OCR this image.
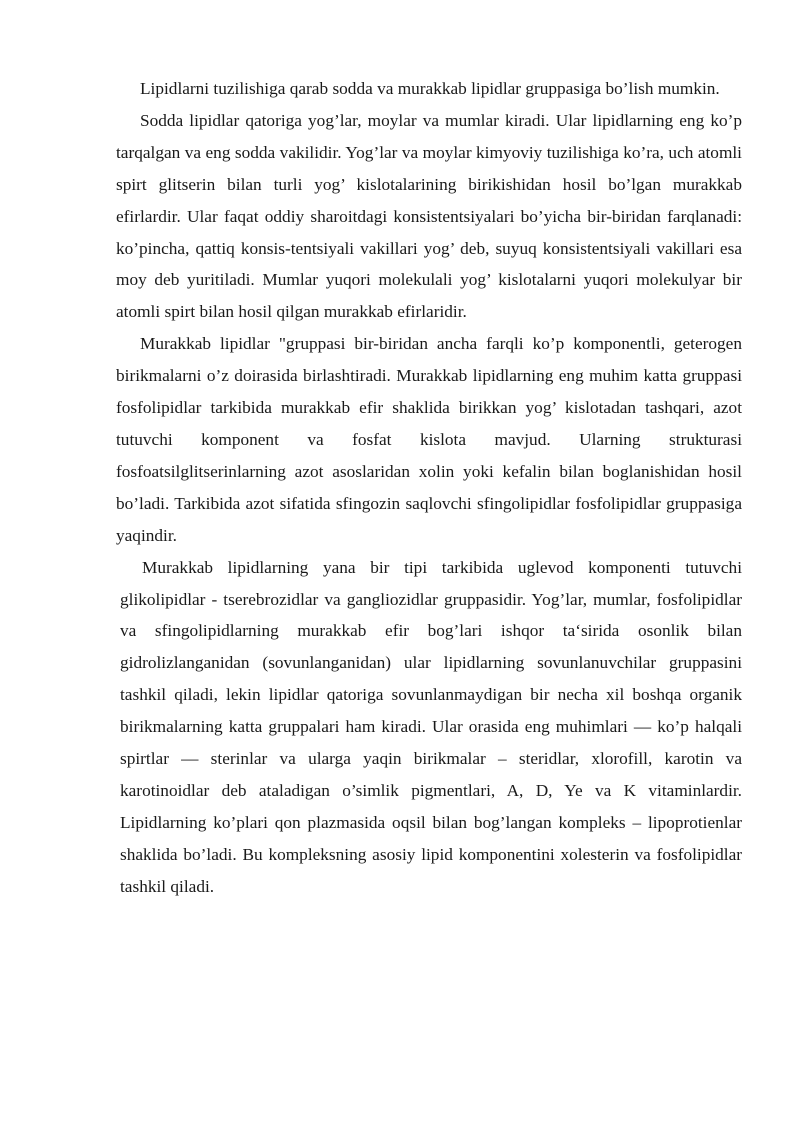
Lipidlarni tuzilishiga qarab sodda va murakkab lipidlar gruppasiga bo’lish mumkin.

Sodda lipidlar qatoriga yog’lar, moylar va mumlar kiradi. Ular lipidlarning eng ko’p tarqalgan va eng sodda vakilidir. Yog’lar va moylar kimyoviy tuzilishiga ko’ra, uch atomli spirt glitserin bilan turli yog’ kislotalarining birikishidan hosil bo’lgan murakkab efirlardir. Ular faqat oddiy sharoitdagi konsistentsiyalari bo’yicha bir-biridan farqlanadi: ko’pincha, qattiq konsis-tentsiyali vakillari yog’ deb, suyuq konsistentsiyali vakillari esa moy deb yuritiladi. Mumlar yuqori molekulali yog’ kislotalarni yuqori molekulyar bir atomli spirt bilan hosil qilgan murakkab efirlaridir.

Murakkab lipidlar "gruppasi bir-biridan ancha farqli ko’p komponentli, geterogen birikmalarni o’z doirasida birlashtiradi. Murakkab lipidlarning eng muhim katta gruppasi fosfolipidlar tarkibida murakkab efir shaklida birikkan yog’ kislotadan tashqari, azot tutuvchi komponent va fosfat kislota mavjud. Ularning strukturasi fosfoatsilglitserinlarning azot asoslaridan xolin yoki kefalin bilan boglanishidan hosil bo’ladi. Tarkibida azot sifatida sfingozin saqlovchi sfingolipidlar fosfolipidlar gruppasiga yaqindir.

Murakkab lipidlarning yana bir tipi tarkibida uglevod komponenti tutuvchi glikolipidlar - tserebrozidlar va gangliozidlar gruppasidir. Yog’lar, mumlar, fosfolipidlar va sfingolipidlarning murakkab efir bog’lari ishqor ta‘sirida osonlik bilan gidrolizlanganidan (sovunlanganidan) ular lipidlarning sovunlanuvchilar gruppasini tashkil qiladi, lekin lipidlar qatoriga sovunlanmaydigan bir necha xil boshqa organik birikmalarning katta gruppalari ham kiradi. Ular orasida eng muhimlari — ko’p halqali spirtlar — sterinlar va ularga yaqin birikmalar – steridlar, xlorofill, karotin va karotinoidlar deb ataladigan o’simlik pigmentlari, A, D, Ye va K vitaminlardir. Lipidlarning ko’plari qon plazmasida oqsil bilan bog’langan kompleks – lipoprotienlar shaklida bo’ladi. Bu kompleksning asosiy lipid komponentini xolesterin va fosfolipidlar tashkil qiladi.
